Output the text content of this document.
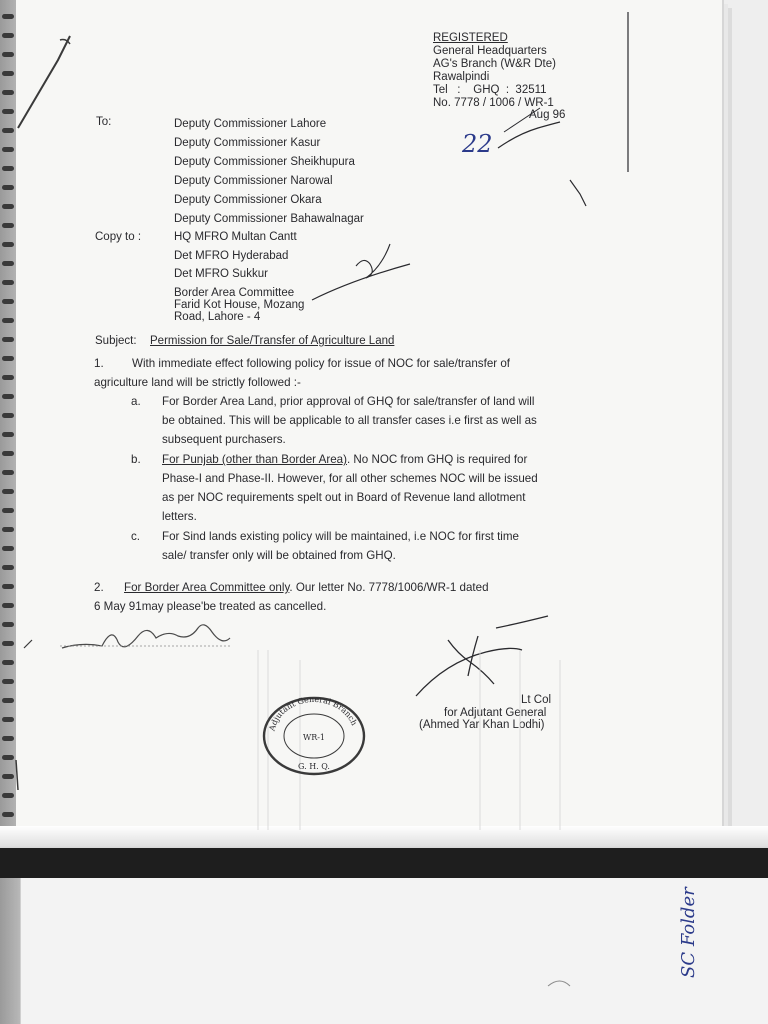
REGISTERED
General Headquarters
AG's Branch (W&R Dte)
Rawalpindi
Tel   :    GHQ  :  32511
No. 7778 / 1006 / WR-1
Aug 96
22
To:	Deputy Commissioner Lahore
Deputy Commissioner Kasur
Deputy Commissioner Sheikhupura
Deputy Commissioner Narowal
Deputy Commissioner Okara
Deputy Commissioner Bahawalnagar
Copy to :	HQ MFRO Multan Cantt
Det MFRO Hyderabad
Det MFRO Sukkur
Border Area Committee
Farid Kot House, Mozang
Road, Lahore - 4
Subject: Permission for Sale/Transfer of Agriculture Land
1. With immediate effect following policy for issue of NOC for sale/transfer of
agriculture land will be strictly followed :-
a. For Border Area Land, prior approval of GHQ for sale/transfer of land will
be obtained. This will be applicable to all transfer cases i.e first as well as
subsequent purchasers.
b. For Punjab (other than Border Area). No NOC from GHQ is required for
Phase-I and Phase-II. However, for all other schemes NOC will be issued
as per NOC requirements spelt out in Board of Revenue land allotment
letters.
c. For Sind lands existing policy will be maintained, i.e NOC for first time
sale/ transfer only will be obtained from GHQ.
2. For Border Area Committee only. Our letter No. 7778/1006/WR-1 dated
6 May 91may please'be treated as cancelled.
Lt Col
for Adjutant General
(Ahmed Yar Khan Lodhi)
Adjutant General Branch
WR-1
G. H. Q.
SC Folder
